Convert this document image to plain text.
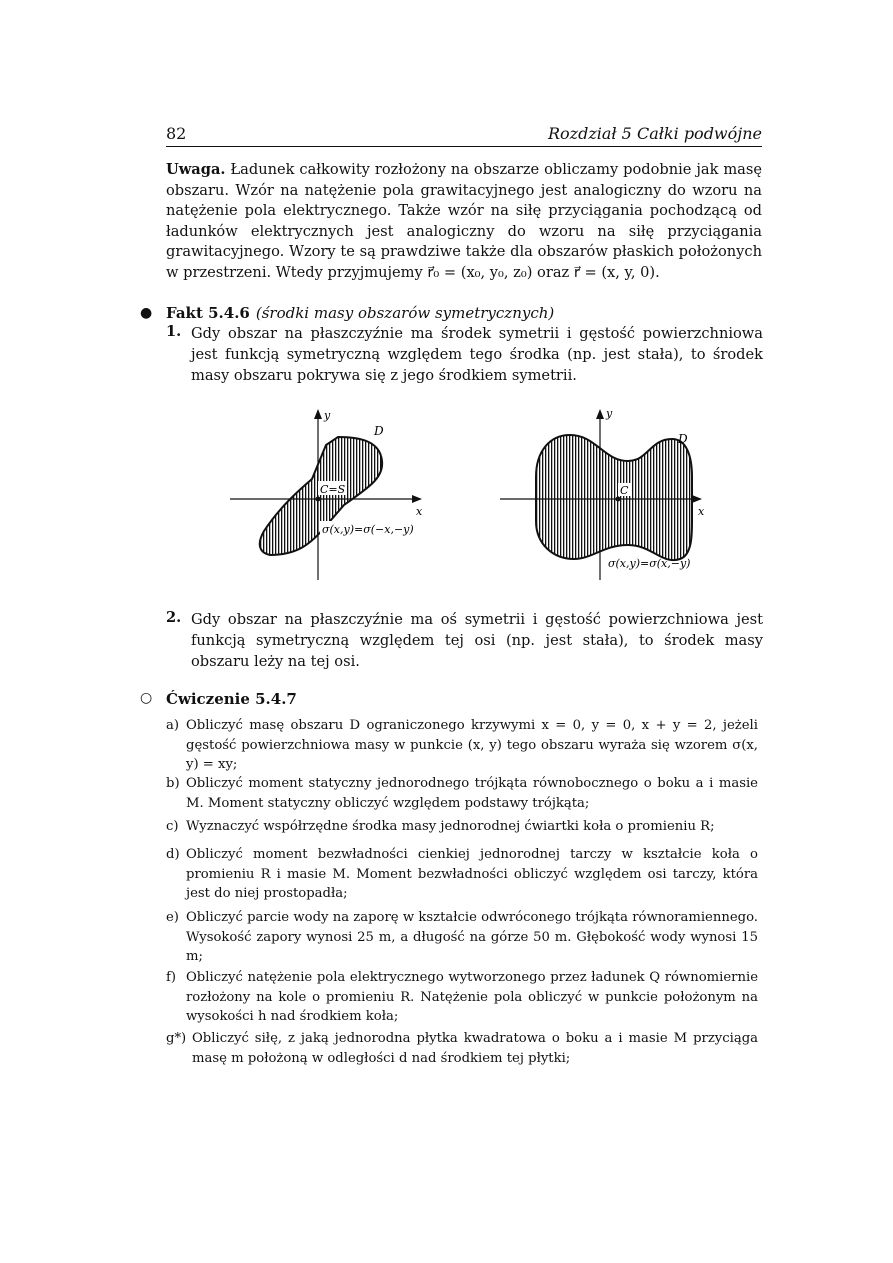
82	Rozdział 5 Całki podwójne
Uwaga. Ładunek całkowity rozłożony na obszarze obliczamy podobnie jak masę obszaru. Wzór na natężenie pola grawitacyjnego jest analogiczny do wzoru na natężenie pola elektrycznego. Także wzór na siłę przyciągania pochodzącą od ładunków elektrycznych jest analogiczny do wzoru na siłę przyciągania grawitacyjnego. Wzory te są prawdziwe także dla obszarów płaskich położonych w przestrzeni. Wtedy przyjmujemy r⃗₀ = (x₀, y₀, z₀) oraz r⃗ = (x, y, 0).
● Fakt 5.4.6 (środki masy obszarów symetrycznych)
1. Gdy obszar na płaszczyźnie ma środek symetrii i gęstość powierzchniowa jest funkcją symetryczną względem tego środka (np. jest stała), to środek masy obszaru pokrywa się z jego środkiem symetrii.
y
x
D
C=S
σ(x,y)=σ(−x,−y)
C
y
x
D
σ(x,y)=σ(x,−y)
2. Gdy obszar na płaszczyźnie ma oś symetrii i gęstość powierzchniowa jest funkcją symetryczną względem tej osi (np. jest stała), to środek masy obszaru leży na tej osi.
○ Ćwiczenie 5.4.7
a) Obliczyć masę obszaru D ograniczonego krzywymi x = 0, y = 0, x + y = 2, jeżeli gęstość powierzchniowa masy w punkcie (x, y) tego obszaru wyraża się wzorem σ(x, y) = xy;
b) Obliczyć moment statyczny jednorodnego trójkąta równobocznego o boku a i masie M. Moment statyczny obliczyć względem podstawy trójkąta;
c) Wyznaczyć współrzędne środka masy jednorodnej ćwiartki koła o promieniu R;
d) Obliczyć moment bezwładności cienkiej jednorodnej tarczy w kształcie koła o promieniu R i masie M. Moment bezwładności obliczyć względem osi tarczy, która jest do niej prostopadła;
e) Obliczyć parcie wody na zaporę w kształcie odwróconego trójkąta równoramiennego. Wysokość zapory wynosi 25 m, a długość na górze 50 m. Głębokość wody wynosi 15 m;
f) Obliczyć natężenie pola elektrycznego wytworzonego przez ładunek Q równomiernie rozłożony na kole o promieniu R. Natężenie pola obliczyć w punkcie położonym na wysokości h nad środkiem koła;
g*) Obliczyć siłę, z jaką jednorodna płytka kwadratowa o boku a i masie M przyciąga masę m położoną w odległości d nad środkiem tej płytki;
